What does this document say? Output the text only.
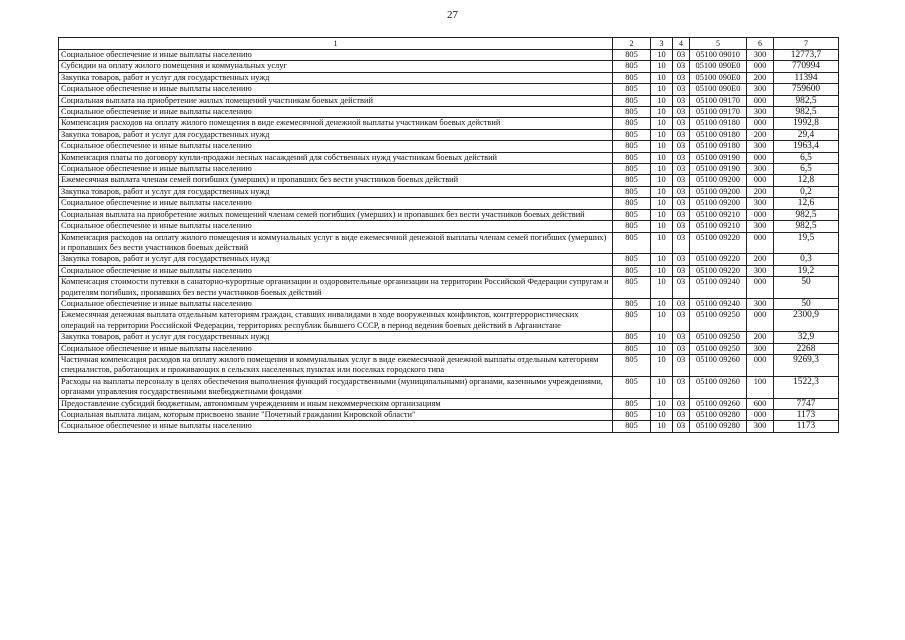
27
1	2	3	4	5	6	7
Социальное обеспечение и иные выплаты населению	805	10	03	05100 09010	300	12773,7
Субсидии на оплату жилого помещения и коммунальных услуг	805	10	03	05100 090Е0	000	770994
Закупка товаров, работ и услуг для государственных нужд	805	10	03	05100 090Е0	200	11394
Социальное обеспечение и иные выплаты населению	805	10	03	05100 090Е0	300	759600
Социальная выплата на приобретение жилых помещений участникам боевых действий	805	10	03	05100 09170	000	982,5
Социальное обеспечение и иные выплаты населению	805	10	03	05100 09170	300	982,5
Компенсация расходов на оплату жилого помещения в виде ежемесячной денежной выплаты участникам боевых действий	805	10	03	05100 09180	000	1992,8
Закупка товаров, работ и услуг для государственных нужд	805	10	03	05100 09180	200	29,4
Социальное обеспечение и иные выплаты населению	805	10	03	05100 09180	300	1963,4
Компенсация платы по договору купли-продажи лесных насаждений для собственных нужд участникам боевых действий	805	10	03	05100 09190	000	6,5
Социальное обеспечение и иные выплаты населению	805	10	03	05100 09190	300	6,5
Ежемесячная выплата членам семей погибших (умерших) и пропавших без вести участников боевых действий	805	10	03	05100 09200	000	12,8
Закупка товаров, работ и услуг для государственных нужд	805	10	03	05100 09200	200	0,2
Социальное обеспечение и иные выплаты населению	805	10	03	05100 09200	300	12,6
Социальная выплата на приобретение жилых помещений членам семей погибших (умерших) и пропавших без вести участников боевых действий	805	10	03	05100 09210	000	982,5
Социальное обеспечение и иные выплаты населению	805	10	03	05100 09210	300	982,5
Компенсация расходов на оплату жилого помещения и коммунальных услуг в виде ежемесячной денежной выплаты членам семей погибших (умерших) и пропавших без вести участников боевых действий	805	10	03	05100 09220	000	19,5
Закупка товаров, работ и услуг для государственных нужд	805	10	03	05100 09220	200	0,3
Социальное обеспечение и иные выплаты населению	805	10	03	05100 09220	300	19,2
Компенсация стоимости путевки в санаторно-курортные организации и оздоровительные организации на территории Российской Федерации супругам и родителям погибших, пропавших без вести участников боевых действий	805	10	03	05100 09240	000	50
Социальное обеспечение и иные выплаты населению	805	10	03	05100 09240	300	50
Ежемесячная денежная выплата отдельным категориям граждан, ставших инвалидами в ходе вооруженных конфликтов, контртеррористических операций на территории Российской Федерации, территориях республик бывшего СССР, в период ведения боевых действий в Афганистане	805	10	03	05100 09250	000	2300,9
Закупка товаров, работ и услуг для государственных нужд	805	10	03	05100 09250	200	32,9
Социальное обеспечение и иные выплаты населению	805	10	03	05100 09250	300	2268
Частичная компенсация расходов на оплату жилого помещения и коммунальных услуг в виде ежемесячной денежной выплаты отдельным категориям специалистов, работающих и проживающих в сельских населенных пунктах или поселках городского типа	805	10	03	05100 09260	000	9269,3
Расходы на выплаты персоналу в целях обеспечения выполнения функций государственными (муниципальными) органами, казенными учреждениями, органами управления государственными внебюджетными фондами	805	10	03	05100 09260	100	1522,3
Предоставление субсидий бюджетным, автономным учреждениям и иным некоммерческим организациям	805	10	03	05100 09260	600	7747
Социальная выплата лицам, которым присвоено звание "Почетный гражданин Кировской области"	805	10	03	05100 09280	000	1173
Социальное обеспечение и иные выплаты населению	805	10	03	05100 09280	300	1173
